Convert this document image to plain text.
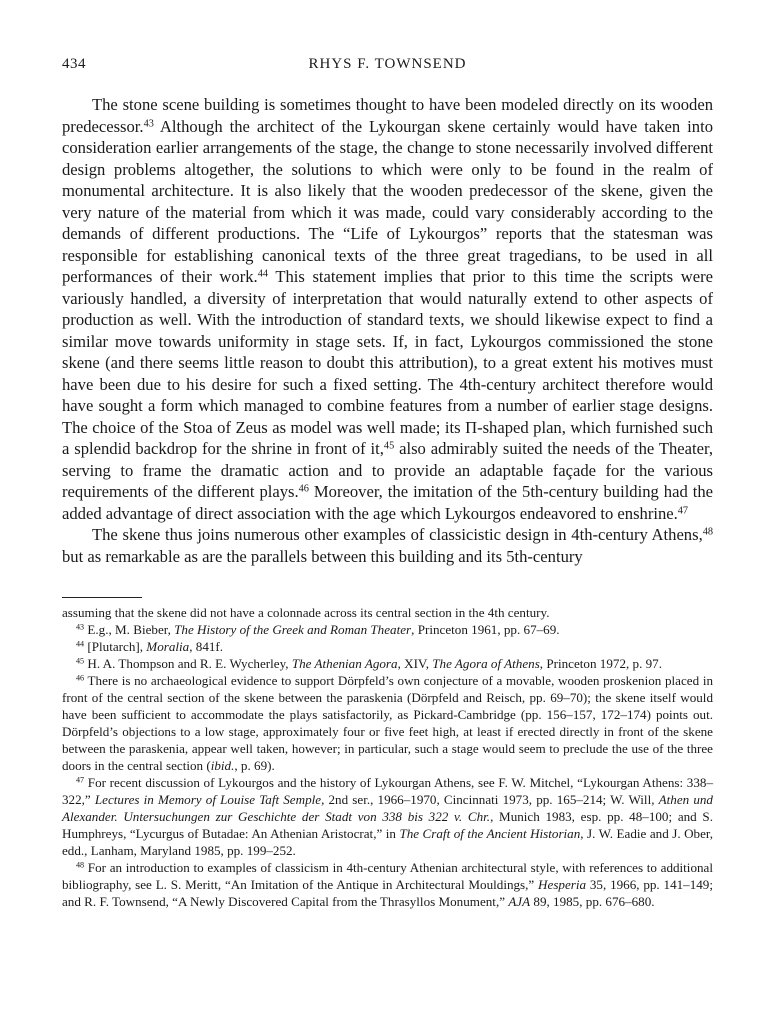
434	RHYS F. TOWNSEND

The stone scene building is sometimes thought to have been modeled directly on its wooden predecessor.$^{43}$ Although the architect of the Lykourgan skene certainly would have taken into consideration earlier arrangements of the stage, the change to stone necessarily involved different design problems altogether, the solutions to which were only to be found in the realm of monumental architecture. It is also likely that the wooden predecessor of the skene, given the very nature of the material from which it was made, could vary considerably according to the demands of different productions. The “Life of Lykourgos” reports that the statesman was responsible for establishing canonical texts of the three great tragedians, to be used in all performances of their work.$^{44}$ This statement implies that prior to this time the scripts were variously handled, a diversity of interpretation that would naturally extend to other aspects of production as well. With the introduction of standard texts, we should likewise expect to find a similar move towards uniformity in stage sets. If, in fact, Lykourgos commissioned the stone skene (and there seems little reason to doubt this attribution), to a great extent his motives must have been due to his desire for such a fixed setting. The 4th-century architect therefore would have sought a form which managed to combine features from a number of earlier stage designs. The choice of the Stoa of Zeus as model was well made; its Π-shaped plan, which furnished such a splendid backdrop for the shrine in front of it,$^{45}$ also admirably suited the needs of the Theater, serving to frame the dramatic action and to provide an adaptable façade for the various requirements of the different plays.$^{46}$ Moreover, the imitation of the 5th-century building had the added advantage of direct association with the age which Lykourgos endeavored to enshrine.$^{47}$

The skene thus joins numerous other examples of classicistic design in 4th-century Athens,$^{48}$ but as remarkable as are the parallels between this building and its 5th-century

assuming that the skene did not have a colonnade across its central section in the 4th century.

$^{43}$ E.g., M. Bieber, The History of the Greek and Roman Theater, Princeton 1961, pp. 67–69.

$^{44}$ [Plutarch], Moralia, 841f.

$^{45}$ H. A. Thompson and R. E. Wycherley, The Athenian Agora, XIV, The Agora of Athens, Princeton 1972, p. 97.

$^{46}$ There is no archaeological evidence to support Dörpfeld’s own conjecture of a movable, wooden proskenion placed in front of the central section of the skene between the paraskenia (Dörpfeld and Reisch, pp. 69–70); the skene itself would have been sufficient to accommodate the plays satisfactorily, as Pickard-Cambridge (pp. 156–157, 172–174) points out. Dörpfeld’s objections to a low stage, approximately four or five feet high, at least if erected directly in front of the skene between the paraskenia, appear well taken, however; in particular, such a stage would seem to preclude the use of the three doors in the central section (ibid., p. 69).

$^{47}$ For recent discussion of Lykourgos and the history of Lykourgan Athens, see F. W. Mitchel, “Lykourgan Athens: 338–322,” Lectures in Memory of Louise Taft Semple, 2nd ser., 1966–1970, Cincinnati 1973, pp. 165–214; W. Will, Athen und Alexander. Untersuchungen zur Geschichte der Stadt von 338 bis 322 v. Chr., Munich 1983, esp. pp. 48–100; and S. Humphreys, “Lycurgus of Butadae: An Athenian Aristocrat,” in The Craft of the Ancient Historian, J. W. Eadie and J. Ober, edd., Lanham, Maryland 1985, pp. 199–252.

$^{48}$ For an introduction to examples of classicism in 4th-century Athenian architectural style, with references to additional bibliography, see L. S. Meritt, “An Imitation of the Antique in Architectural Mouldings,” Hesperia 35, 1966, pp. 141–149; and R. F. Townsend, “A Newly Discovered Capital from the Thrasyllos Monument,” AJA 89, 1985, pp. 676–680.
